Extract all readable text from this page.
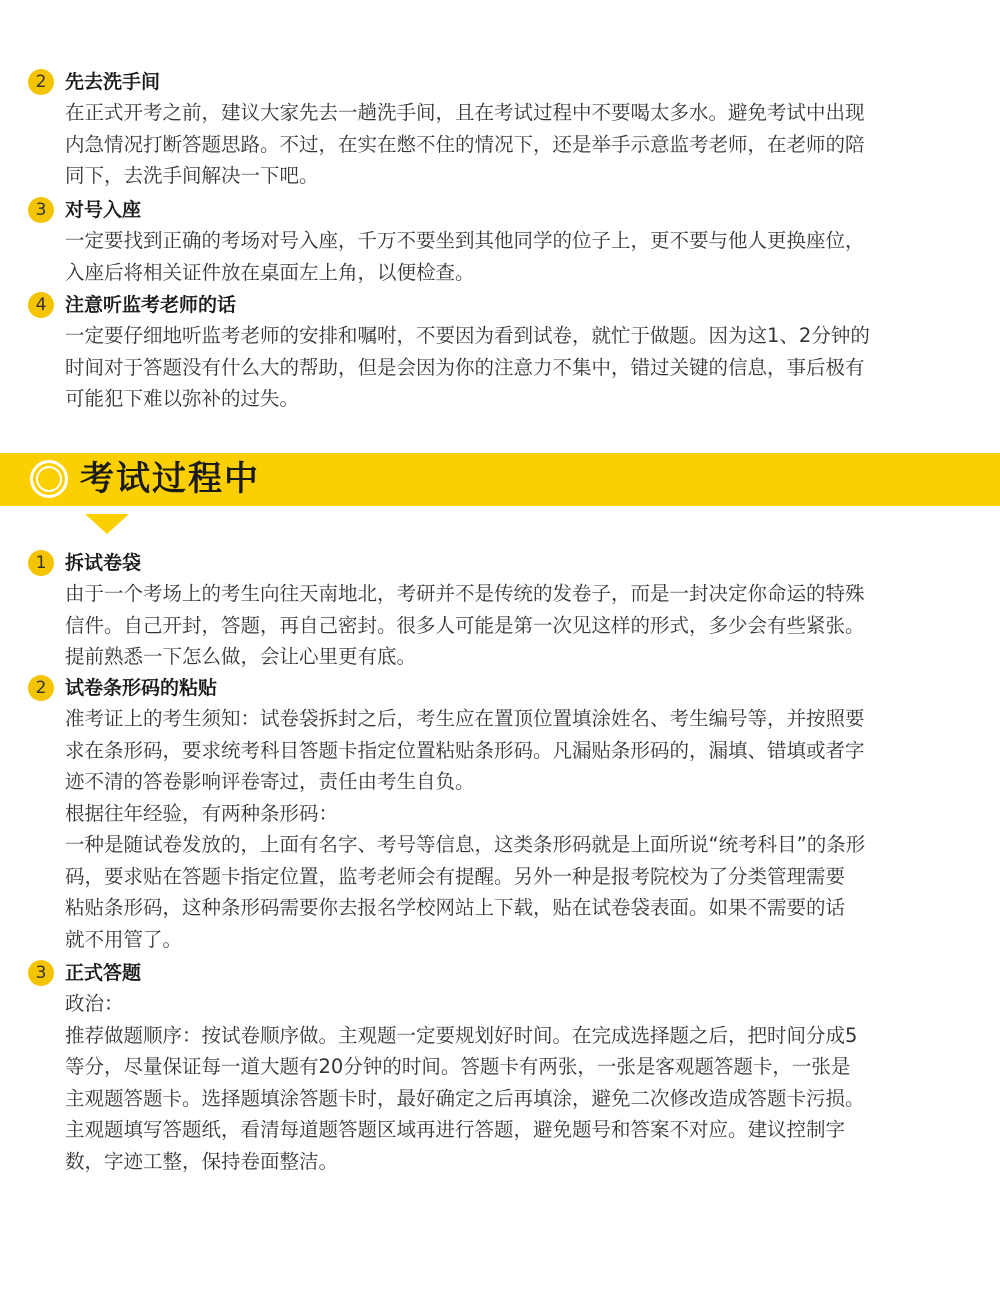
2 先去洗手间

在正式开考之前，建议大家先去一趟洗手间，且在考试过程中不要喝太多水。避免考试中出现
内急情况打断答题思路。不过，在实在憋不住的情况下，还是举手示意监考老师，在老师的陪
同下，去洗手间解决一下吧。

3 对号入座

一定要找到正确的考场对号入座，千万不要坐到其他同学的位子上，更不要与他人更换座位，
入座后将相关证件放在桌面左上角，以便检查。

4 注意听监考老师的话

一定要仔细地听监考老师的安排和嘱咐，不要因为看到试卷，就忙于做题。因为这1、2分钟的
时间对于答题没有什么大的帮助，但是会因为你的注意力不集中，错过关键的信息，事后极有
可能犯下难以弥补的过失。

考试过程中
1 拆试卷袋

由于一个考场上的考生向往天南地北，考研并不是传统的发卷子，而是一封决定你命运的特殊
信件。自己开封，答题，再自己密封。很多人可能是第一次见这样的形式，多少会有些紧张。
提前熟悉一下怎么做，会让心里更有底。

2 试卷条形码的粘贴

准考证上的考生须知：试卷袋拆封之后，考生应在置顶位置填涂姓名、考生编号等，并按照要
求在条形码，要求统考科目答题卡指定位置粘贴条形码。凡漏贴条形码的，漏填、错填或者字
迹不清的答卷影响评卷寄过，责任由考生自负。
根据往年经验，有两种条形码：
一种是随试卷发放的，上面有名字、考号等信息，这类条形码就是上面所说“统考科目”的条形
码，要求贴在答题卡指定位置，监考老师会有提醒。另外一种是报考院校为了分类管理需要
粘贴条形码，这种条形码需要你去报名学校网站上下载，贴在试卷袋表面。如果不需要的话
就不用管了。

3 正式答题

政治：
推荐做题顺序：按试卷顺序做。主观题一定要规划好时间。在完成选择题之后，把时间分成5
等分，尽量保证每一道大题有20分钟的时间。答题卡有两张，一张是客观题答题卡，一张是
主观题答题卡。选择题填涂答题卡时，最好确定之后再填涂，避免二次修改造成答题卡污损。
主观题填写答题纸，看清每道题答题区域再进行答题，避免题号和答案不对应。建议控制字
数，字迹工整，保持卷面整洁。
